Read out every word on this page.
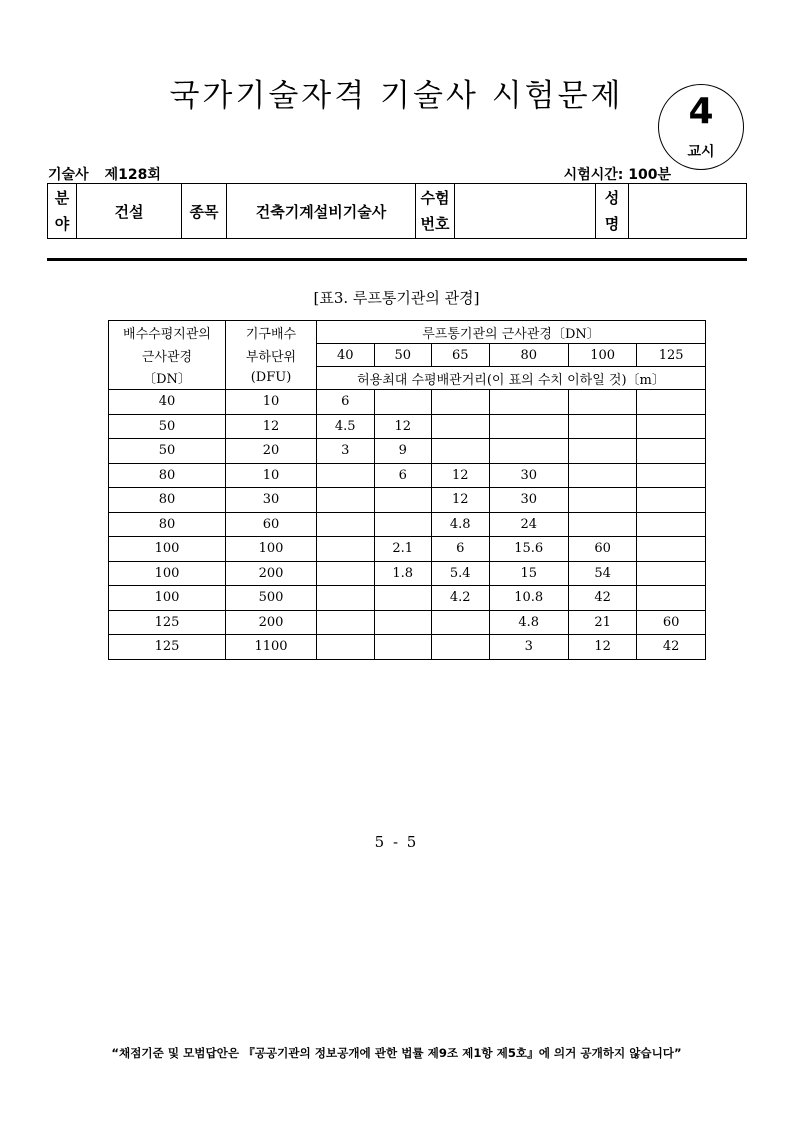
국가기술자격 기술사 시험문제	4
교시
기술사 제128회	시험시간: 100분
분
야
	건설	종목	건축기계설비기술사	
수험
번호

성
명

[표3. 루프통기관의 관경]
배수수평지관의	기구배수	루프통기관의 근사관경〔DN〕					
근사관경	부하단위	40	50	65	80	100	125
〔DN〕	(DFU)	허용최대 수평배관거리(이 표의 수치 이하일 것)〔m〕					
40	10	6					
50	12	4.5	12				
50	20	3	9				
80	10		6	12	30		
80	30			12	30		
80	60			4.8	24		
100	100		2.1	6	15.6	60	
100	200		1.8	5.4	15	54	
100	500			4.2	10.8	42	
125	200				4.8	21	60
125	1100				3	12	42
5 - 5
“채점기준 및 모범답안은 『공공기관의 정보공개에 관한 법률 제9조 제1항 제5호』에 의거 공개하지 않습니다”
